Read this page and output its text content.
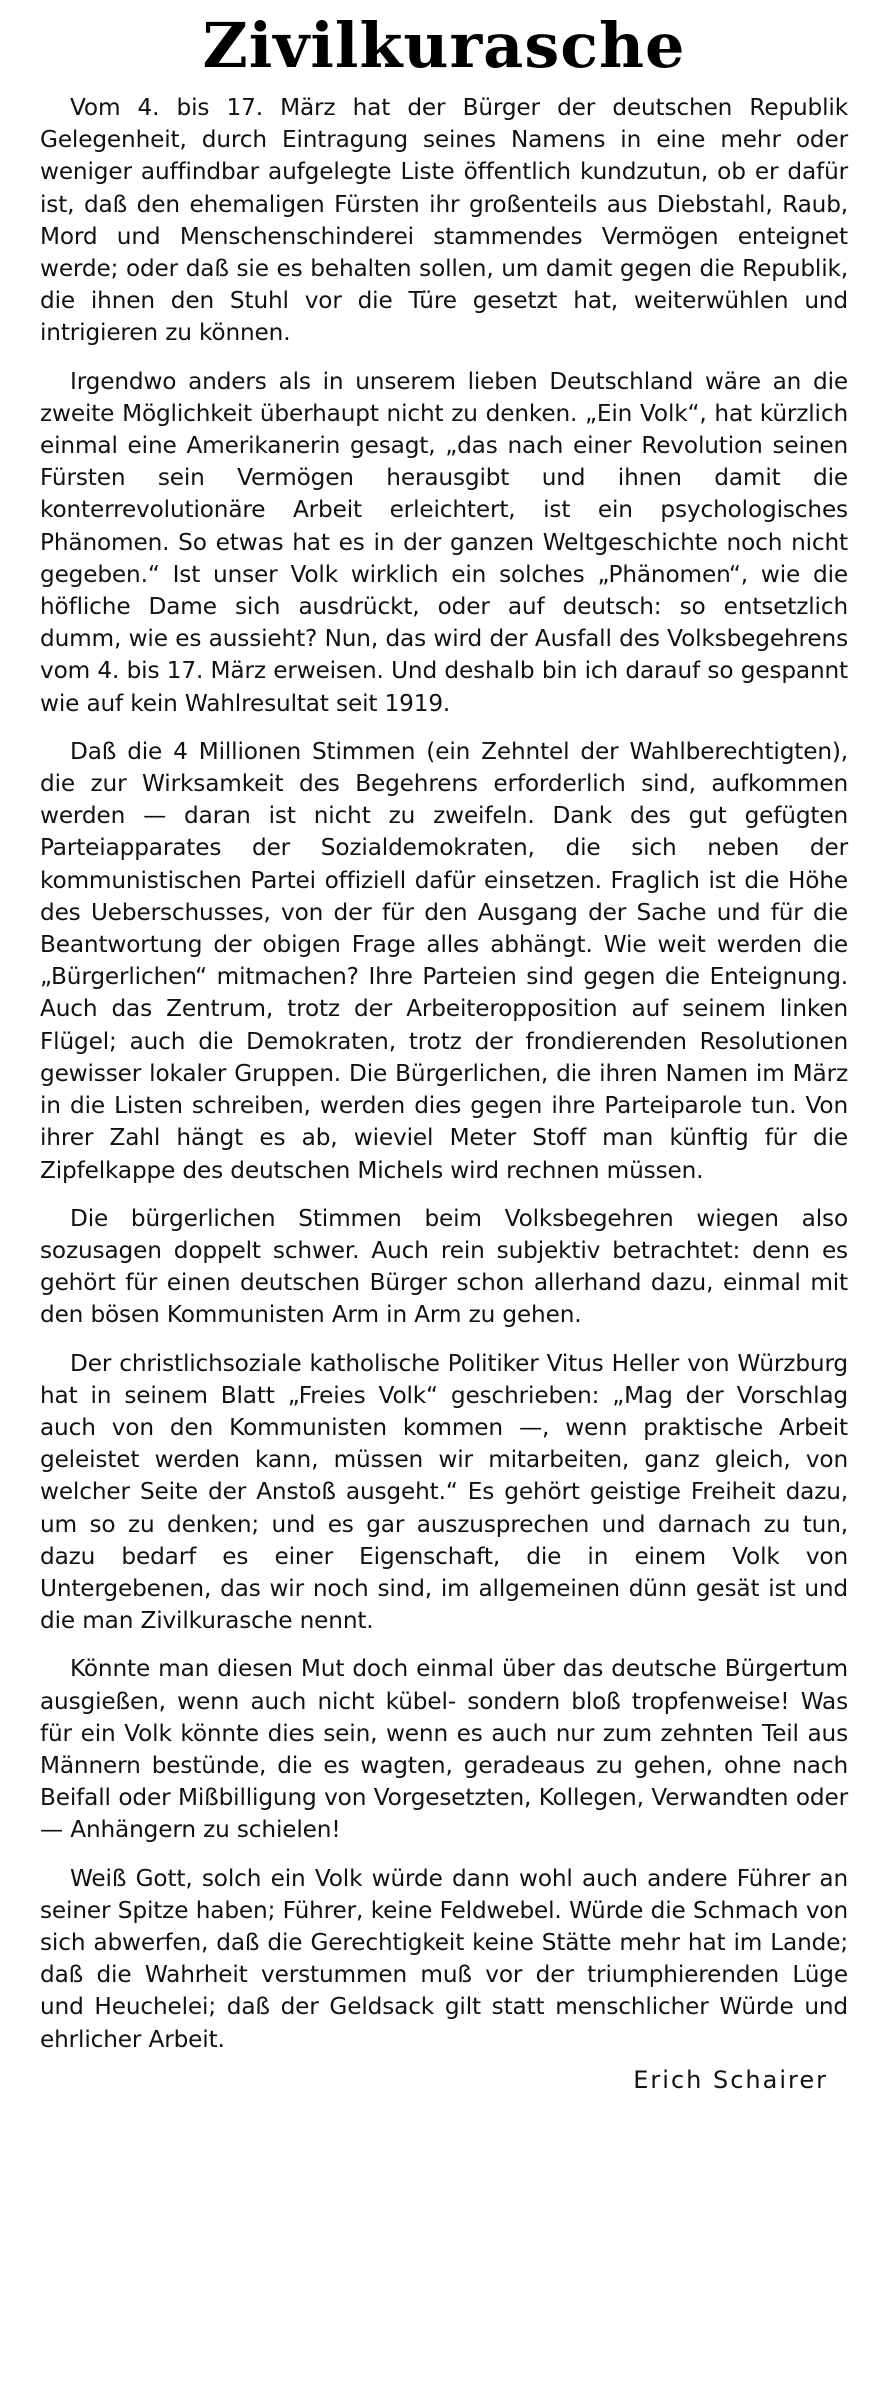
Zivilkurasche

Vom 4. bis 17. März hat der Bürger der deutschen Republik Gelegenheit, durch Eintragung seines Namens in eine mehr oder weniger auffindbar aufgelegte Liste öffentlich kundzutun, ob er dafür ist, daß den ehemaligen Fürsten ihr großenteils aus Diebstahl, Raub, Mord und Menschenschinderei stammendes Vermögen enteignet werde; oder daß sie es behalten sollen, um damit gegen die Republik, die ihnen den Stuhl vor die Türe gesetzt hat, weiterwühlen und intrigieren zu können.

Irgendwo anders als in unserem lieben Deutschland wäre an die zweite Möglichkeit überhaupt nicht zu denken. „Ein Volk“, hat kürzlich einmal eine Amerikanerin gesagt, „das nach einer Revolution seinen Fürsten sein Vermögen herausgibt und ihnen damit die konterrevolutionäre Arbeit erleichtert, ist ein psychologisches Phänomen. So etwas hat es in der ganzen Weltgeschichte noch nicht gegeben.“ Ist unser Volk wirklich ein solches „Phänomen“, wie die höfliche Dame sich ausdrückt, oder auf deutsch: so entsetzlich dumm, wie es aussieht? Nun, das wird der Ausfall des Volksbegehrens vom 4. bis 17. März erweisen. Und deshalb bin ich darauf so gespannt wie auf kein Wahlresultat seit 1919.

Daß die 4 Millionen Stimmen (ein Zehntel der Wahlberechtigten), die zur Wirksamkeit des Begehrens erforderlich sind, aufkommen werden — daran ist nicht zu zweifeln. Dank des gut gefügten Parteiapparates der Sozialdemokraten, die sich neben der kommunistischen Partei offiziell dafür einsetzen. Fraglich ist die Höhe des Ueberschusses, von der für den Ausgang der Sache und für die Beantwortung der obigen Frage alles abhängt. Wie weit werden die „Bürgerlichen“ mitmachen? Ihre Parteien sind gegen die Enteignung. Auch das Zentrum, trotz der Arbeiteropposition auf seinem linken Flügel; auch die Demokraten, trotz der frondierenden Resolutionen gewisser lokaler Gruppen. Die Bürgerlichen, die ihren Namen im März in die Listen schreiben, werden dies gegen ihre Parteiparole tun. Von ihrer Zahl hängt es ab, wieviel Meter Stoff man künftig für die Zipfelkappe des deutschen Michels wird rechnen müssen.

Die bürgerlichen Stimmen beim Volksbegehren wiegen also sozusagen doppelt schwer. Auch rein subjektiv betrachtet: denn es gehört für einen deutschen Bürger schon allerhand dazu, einmal mit den bösen Kommunisten Arm in Arm zu gehen.

Der christlichsoziale katholische Politiker Vitus Heller von Würzburg hat in seinem Blatt „Freies Volk“ geschrieben: „Mag der Vorschlag auch von den Kommunisten kommen —, wenn praktische Arbeit geleistet werden kann, müssen wir mitarbeiten, ganz gleich, von welcher Seite der Anstoß ausgeht.“ Es gehört geistige Freiheit dazu, um so zu denken; und es gar auszusprechen und darnach zu tun, dazu bedarf es einer Eigenschaft, die in einem Volk von Untergebenen, das wir noch sind, im allgemeinen dünn gesät ist und die man Zivilkurasche nennt.

Könnte man diesen Mut doch einmal über das deutsche Bürgertum ausgießen, wenn auch nicht kübel- sondern bloß tropfenweise! Was für ein Volk könnte dies sein, wenn es auch nur zum zehnten Teil aus Männern bestünde, die es wagten, geradeaus zu gehen, ohne nach Beifall oder Mißbilligung von Vorgesetzten, Kollegen, Verwandten oder — Anhängern zu schielen!

Weiß Gott, solch ein Volk würde dann wohl auch andere Führer an seiner Spitze haben; Führer, keine Feldwebel. Würde die Schmach von sich abwerfen, daß die Gerechtigkeit keine Stätte mehr hat im Lande; daß die Wahrheit verstummen muß vor der triumphierenden Lüge und Heuchelei; daß der Geldsack gilt statt menschlicher Würde und ehrlicher Arbeit.

Erich Schairer
